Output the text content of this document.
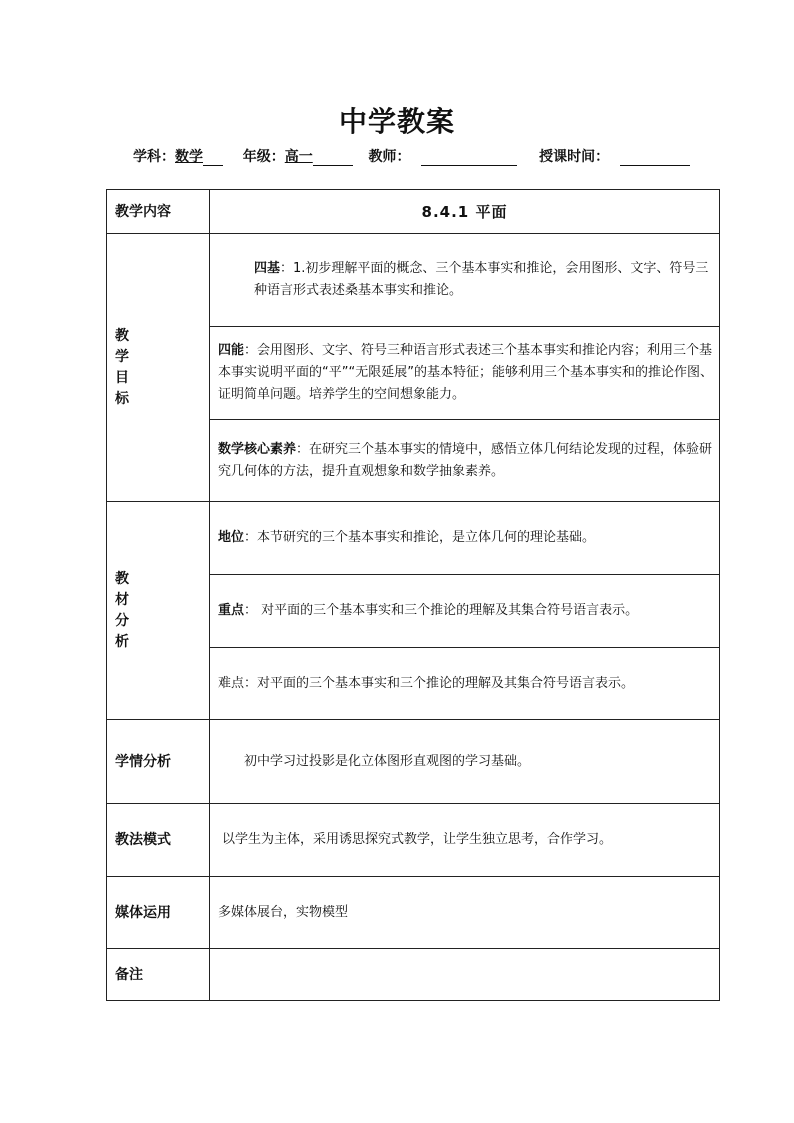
中学教案
学科：数学	年级：高一	教师：	授课时间：
教学内容	8.4.1 平面

教
学
目
标	四基：1.初步理解平面的概念、三个基本事实和推论，会用图形、文字、符号三种语言形式表述桑基本事实和推论。
	四能：会用图形、文字、符号三种语言形式表述三个基本事实和推论内容；利用三个基本事实说明平面的“平”“无限延展”的基本特征；能够利用三个基本事实和的推论作图、证明简单问题。培养学生的空间想象能力。
	数学核心素养：在研究三个基本事实的情境中，感悟立体几何结论发现的过程，体验研究几何体的方法，提升直观想象和数学抽象素养。

教
材
分
析	地位：本节研究的三个基本事实和推论，是立体几何的理论基础。
	重点： 对平面的三个基本事实和三个推论的理解及其集合符号语言表示。
	难点：对平面的三个基本事实和三个推论的理解及其集合符号语言表示。
学情分析	初中学习过投影是化立体图形直观图的学习基础。
教法模式	以学生为主体，采用诱思探究式教学，让学生独立思考，合作学习。
媒体运用	多媒体展台，实物模型
备注	
